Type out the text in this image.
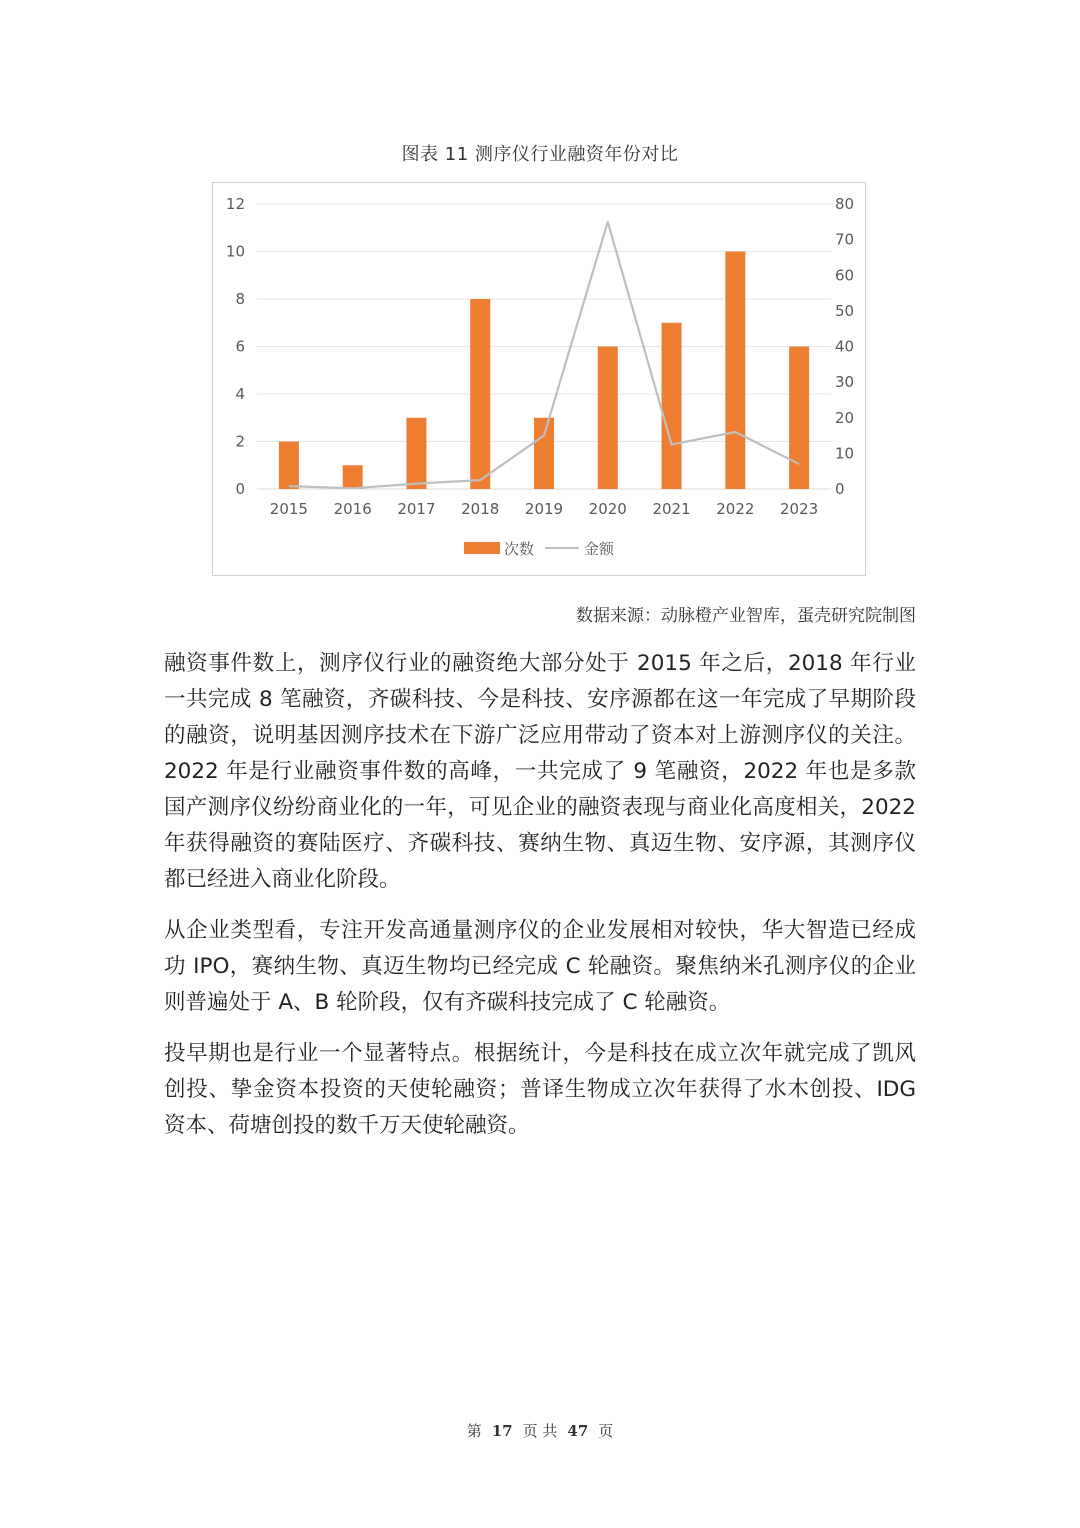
图表 11 测序仪行业融资年份对比
0
2
4
6
8
10
12
0
10
20
30
40
50
60
70
80
2015 2016 2017 2018 2019 2020 2021 2022 2023
次数	金额
数据来源：动脉橙产业智库，蛋壳研究院制图

融资事件数上，测序仪行业的融资绝大部分处于 2015 年之后，2018 年行业一共完成 8 笔融资，齐碳科技、今是科技、安序源都在这一年完成了早期阶段的融资，说明基因测序技术在下游广泛应用带动了资本对上游测序仪的关注。2022 年是行业融资事件数的高峰，一共完成了 9 笔融资，2022 年也是多款国产测序仪纷纷商业化的一年，可见企业的融资表现与商业化高度相关，2022 年获得融资的赛陆医疗、齐碳科技、赛纳生物、真迈生物、安序源，其测序仪都已经进入商业化阶段。

从企业类型看，专注开发高通量测序仪的企业发展相对较快，华大智造已经成功 IPO，赛纳生物、真迈生物均已经完成 C 轮融资。聚焦纳米孔测序仪的企业则普遍处于 A、B 轮阶段，仅有齐碳科技完成了 C 轮融资。

投早期也是行业一个显著特点。根据统计，今是科技在成立次年就完成了凯风创投、挚金资本投资的天使轮融资；普译生物成立次年获得了水木创投、IDG 资本、荷塘创投的数千万天使轮融资。

第 17 页 共 47 页
